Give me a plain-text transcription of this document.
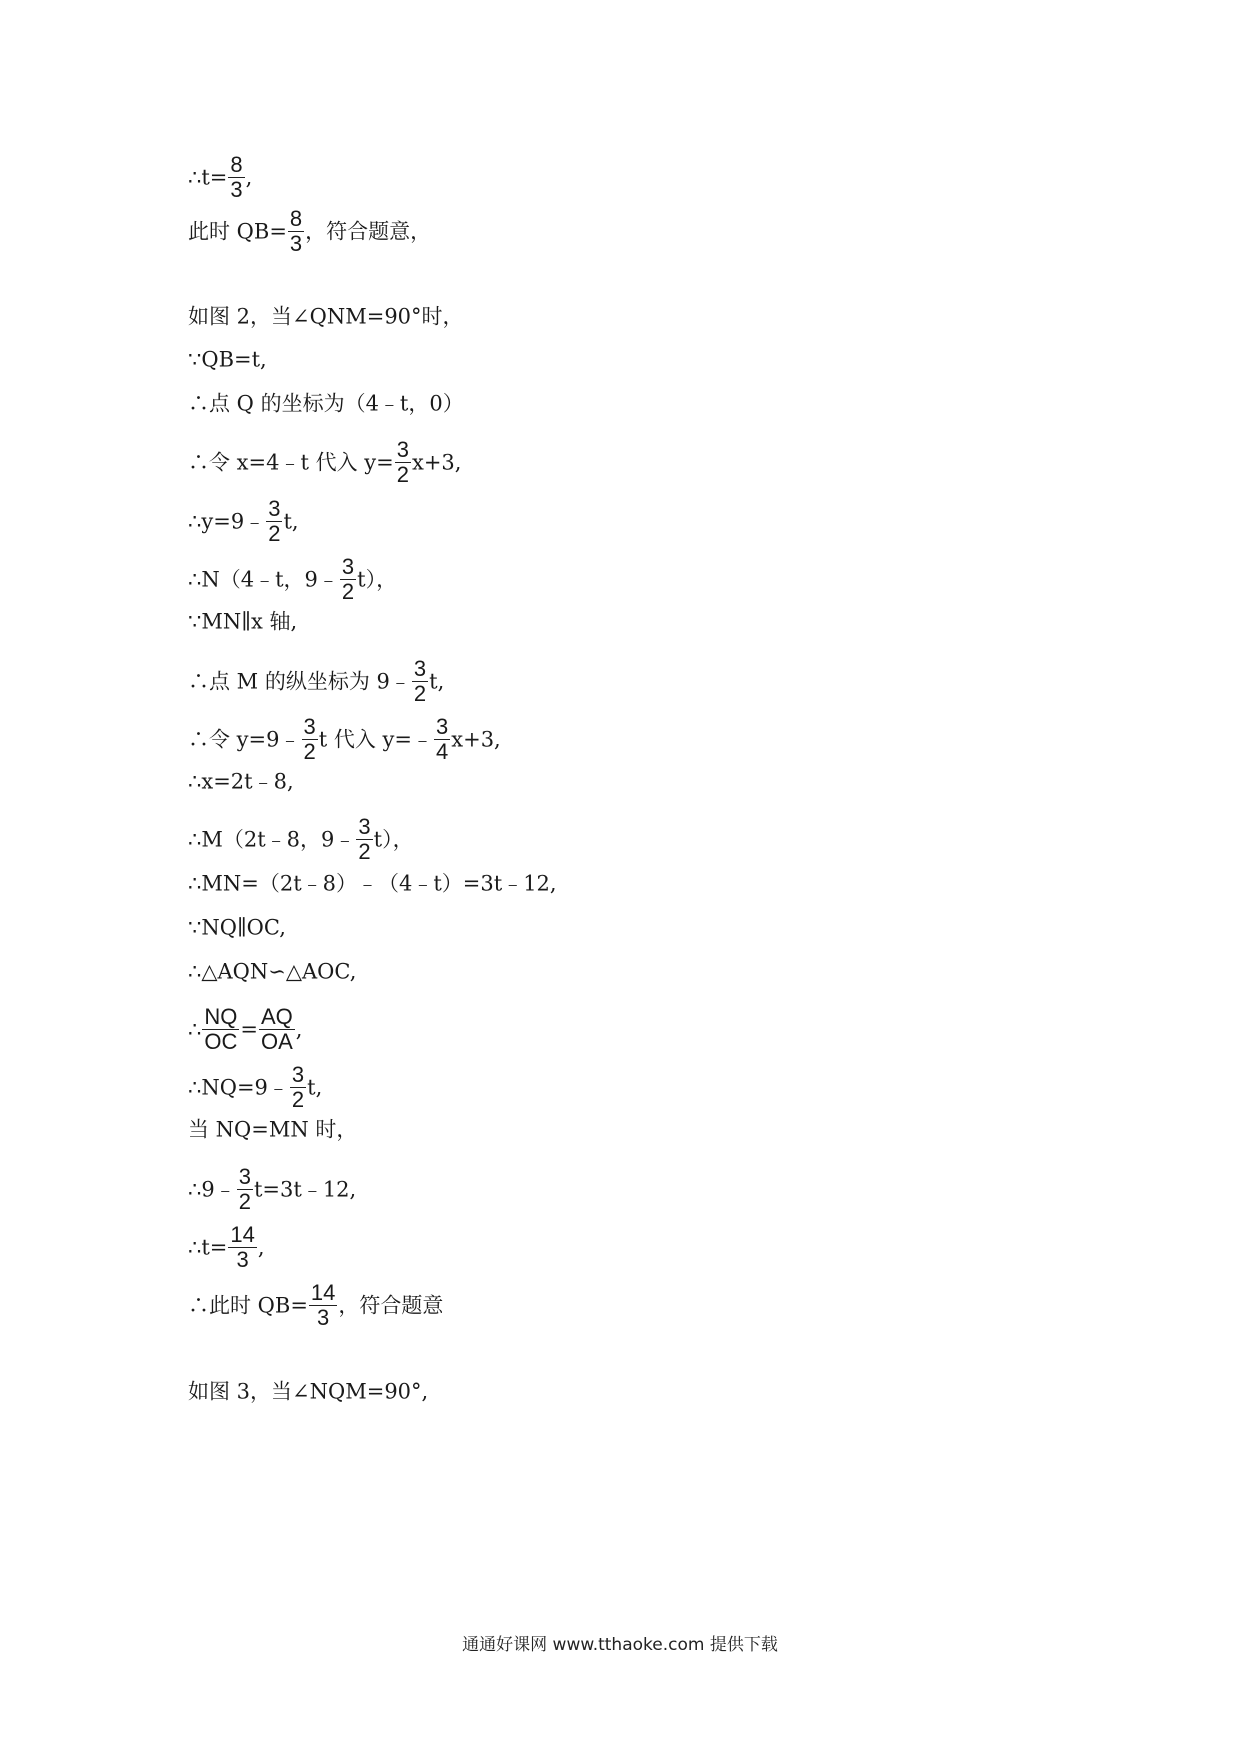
∴t= $\frac{8}{3}$ ,
此时 $QB= \frac{8}{3}$ ，符合题意，
如图 2，当∠QNM=90°时，
∵QB=t,
∴点 Q 的坐标为（4﹣t，0）
∴令 x=4﹣t 代入 $y= \frac{3}{2} x+3$,
∴y=9﹣ $\frac{3}{2} t$,
∴N（4﹣t，9﹣ $\frac{3}{2} t$），
∵MN∥x 轴,
∴点 M 的纵坐标为 9﹣ $\frac{3}{2} t$,
∴令 y=9﹣ $\frac{3}{2}$ t 代入 y=﹣ $\frac{3}{4} x+3$,
∴x=2t﹣8,
∴M（2t﹣8，9﹣ $\frac{3}{2} t$），
∴MN=（2t﹣8）﹣（4﹣t）=3t﹣12,
∵NQ∥OC,
∴△AQN∽△AOC,
∴ $\frac{NQ}{OC} = \frac{AQ}{OA}$ ,
∴NQ=9﹣ $\frac{3}{2} t$,
当 NQ=MN 时，
∴9﹣ $\frac{3}{2}$ t=3t﹣12,
∴t= $\frac{14}{3}$ ,
∴此时 $QB= \frac{14}{3}$ ，符合题意
如图 3，当∠NQM=90°,
通通好课网 www.tthaoke.com 提供下载
